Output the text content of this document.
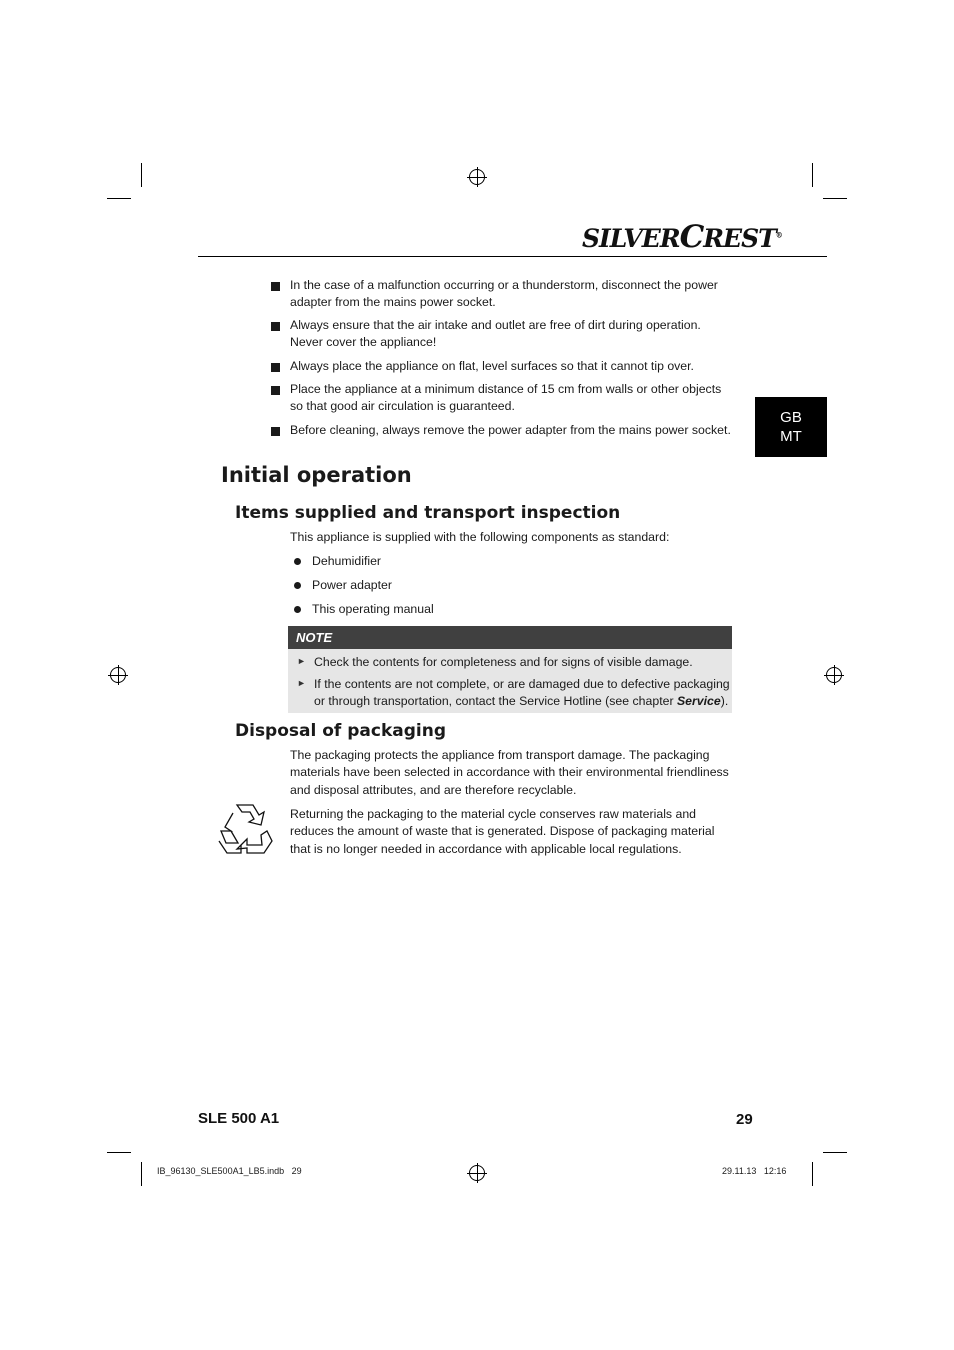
SILVERCREST®
GB
MT
In the case of a malfunction occurring or a thunderstorm, disconnect the power
adapter from the mains power socket.
Always ensure that the air intake and outlet are free of dirt during operation.
Never cover the appliance!
Always place the appliance on flat, level surfaces so that it cannot tip over.
Place the appliance at a minimum distance of 15 cm from walls or other objects
so that good air circulation is guaranteed.
Before cleaning, always remove the power adapter from the mains power socket.
Initial operation
Items supplied and transport inspection
This appliance is supplied with the following components as standard:
Dehumidifier
Power adapter
This operating manual
NOTE
► Check the contents for completeness and for signs of visible damage.
► If the contents are not complete, or are damaged due to defective packaging
or through transportation, contact the Service Hotline (see chapter Service).
Disposal of packaging
The packaging protects the appliance from transport damage. The packaging
materials have been selected in accordance with their environmental friendliness
and disposal attributes, and are therefore recyclable.
Returning the packaging to the material cycle conserves raw materials and
reduces the amount of waste that is generated. Dispose of packaging material
that is no longer needed in accordance with applicable local regulations.
SLE 500 A1	29
IB_96130_SLE500A1_LB5.indb   29	29.11.13   12:16
